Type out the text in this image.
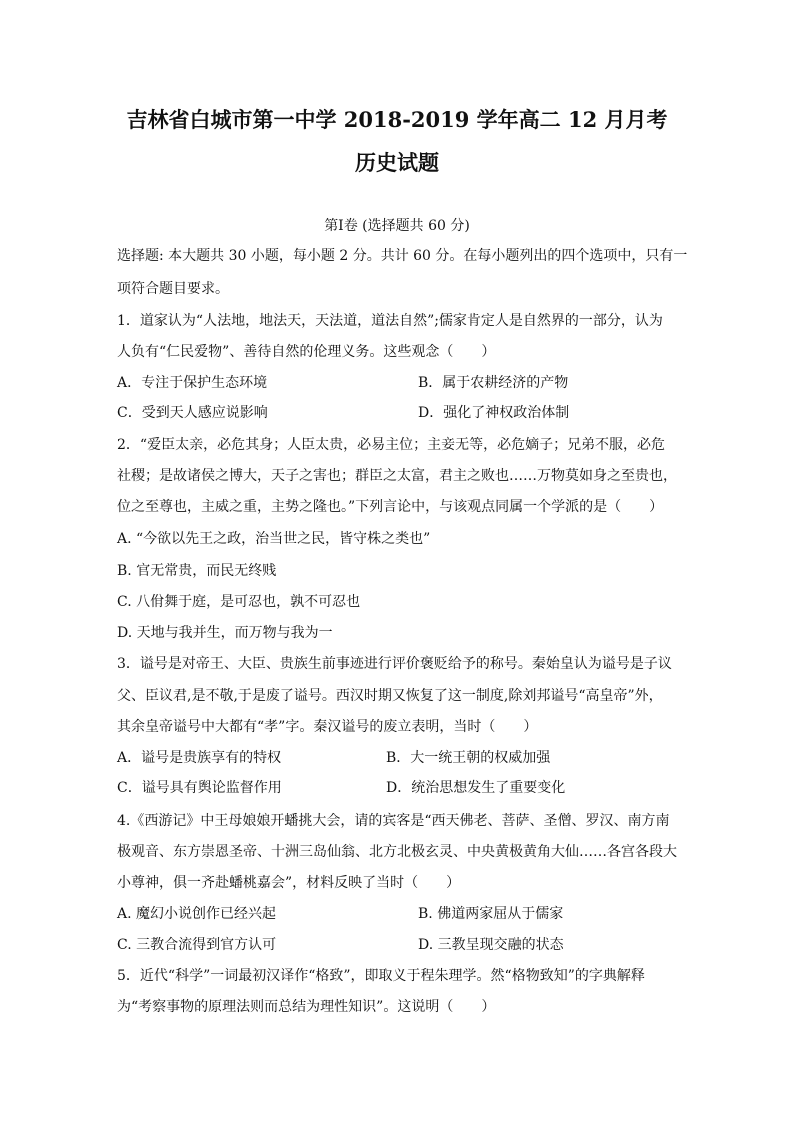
吉林省白城市第一中学 2018-2019 学年高二 12 月月考
历史试题
第Ⅰ卷 (选择题共 60 分)
选择题: 本大题共 30 小题，每小题 2 分。共计 60 分。在每小题列出的四个选项中，只有一
项符合题目要求。
1．道家认为“人法地，地法天，天法道，道法自然”;儒家肯定人是自然界的一部分，认为
人负有“仁民爱物”、善待自然的伦理义务。这些观念（　　）
A．专注于保护生态环境	B．属于农耕经济的产物
C．受到天人感应说影响	D．强化了神权政治体制
2．“爱臣太亲，必危其身；人臣太贵，必易主位；主妾无等，必危嫡子；兄弟不服，必危
社稷；是故诸侯之博大，天子之害也；群臣之太富，君主之败也……万物莫如身之至贵也，
位之至尊也，主威之重，主势之隆也。”下列言论中，与该观点同属一个学派的是（　　）
A. “今欲以先王之政，治当世之民，皆守株之类也”
B. 官无常贵，而民无终贱
C. 八佾舞于庭，是可忍也，孰不可忍也
D. 天地与我并生，而万物与我为一
3．谥号是对帝王、大臣、贵族生前事迹进行评价褒贬给予的称号。秦始皇认为谥号是子议
父、臣议君,是不敬,于是废了谥号。西汉时期又恢复了这一制度,除刘邦谥号“高皇帝”外，
其余皇帝谥号中大都有“孝”字。秦汉谥号的废立表明，当时（　　）
A．谥号是贵族享有的特权	B．大一统王朝的权威加强
C．谥号具有舆论监督作用	D．统治思想发生了重要变化
4.《西游记》中王母娘娘开蟠挑大会，请的宾客是“西天佛老、菩萨、圣僧、罗汉、南方南
极观音、东方崇恩圣帝、十洲三岛仙翁、北方北极玄灵、中央黄极黄角大仙……各宫各段大
小尊神，俱一齐赴蟠桃嘉会”，材料反映了当时（　　）
A. 魔幻小说创作已经兴起	B. 佛道两家屈从于儒家
C. 三教合流得到官方认可	D. 三教呈现交融的状态
5．近代“科学”一词最初汉译作“格致”，即取义于程朱理学。然“格物致知”的字典解释
为“考察事物的原理法则而总结为理性知识”。这说明（　　）
